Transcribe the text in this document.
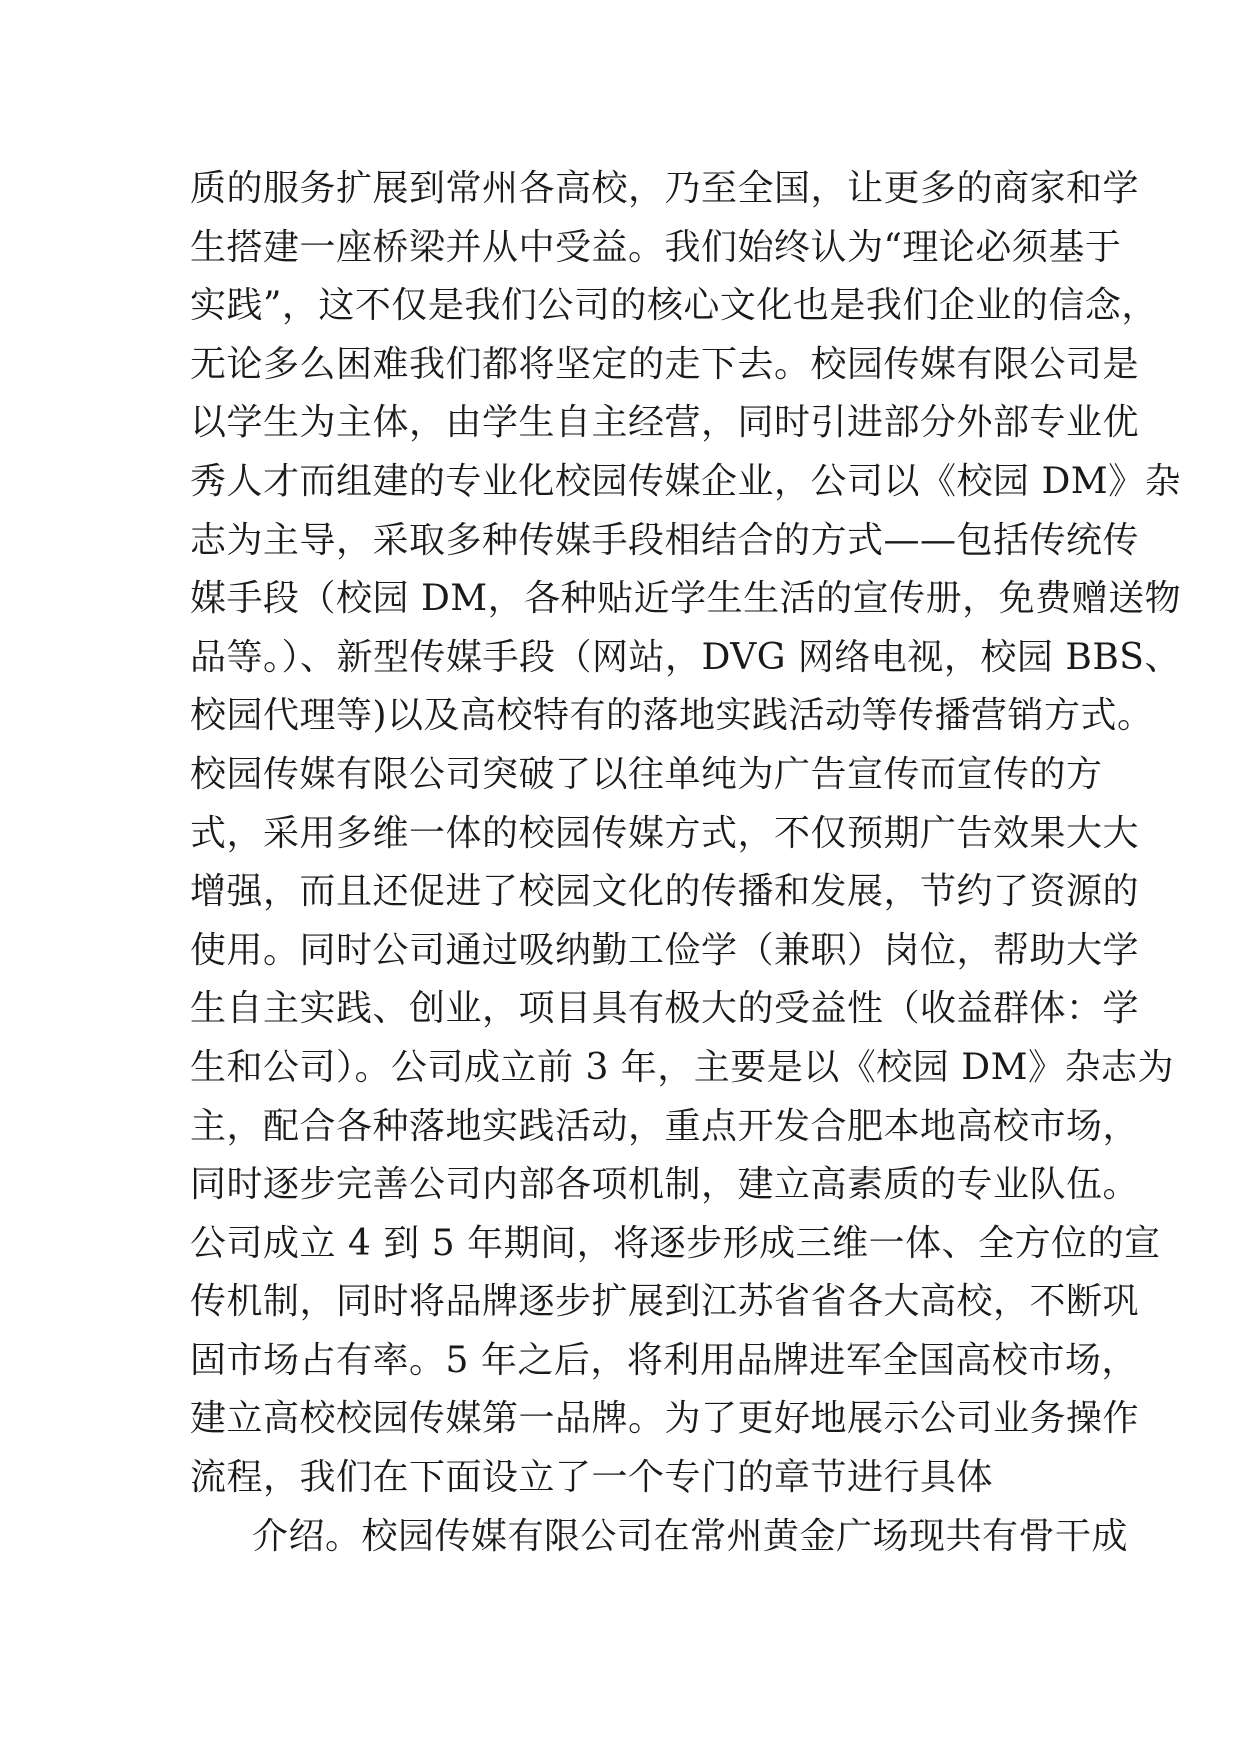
质的服务扩展到常州各高校，乃至全国，让更多的商家和学
生搭建一座桥梁并从中受益。我们始终认为“理论必须基于
实践”，这不仅是我们公司的核心文化也是我们企业的信念，
无论多么困难我们都将坚定的走下去。校园传媒有限公司是
以学生为主体，由学生自主经营，同时引进部分外部专业优
秀人才而组建的专业化校园传媒企业，公司以《校园 DM》杂
志为主导，采取多种传媒手段相结合的方式——包括传统传
媒手段（校园 DM，各种贴近学生生活的宣传册，免费赠送物
品等。）、新型传媒手段（网站，DVG 网络电视，校园 BBS、
校园代理等)以及高校特有的落地实践活动等传播营销方式。
校园传媒有限公司突破了以往单纯为广告宣传而宣传的方
式，采用多维一体的校园传媒方式，不仅预期广告效果大大
增强，而且还促进了校园文化的传播和发展，节约了资源的
使用。同时公司通过吸纳勤工俭学（兼职）岗位，帮助大学
生自主实践、创业，项目具有极大的受益性（收益群体：学
生和公司）。公司成立前 3 年，主要是以《校园 DM》杂志为
主，配合各种落地实践活动，重点开发合肥本地高校市场，
同时逐步完善公司内部各项机制，建立高素质的专业队伍。
公司成立 4 到 5 年期间，将逐步形成三维一体、全方位的宣
传机制，同时将品牌逐步扩展到江苏省省各大高校，不断巩
固市场占有率。5 年之后，将利用品牌进军全国高校市场，
建立高校校园传媒第一品牌。为了更好地展示公司业务操作
流程，我们在下面设立了一个专门的章节进行具体
介绍。校园传媒有限公司在常州黄金广场现共有骨干成
